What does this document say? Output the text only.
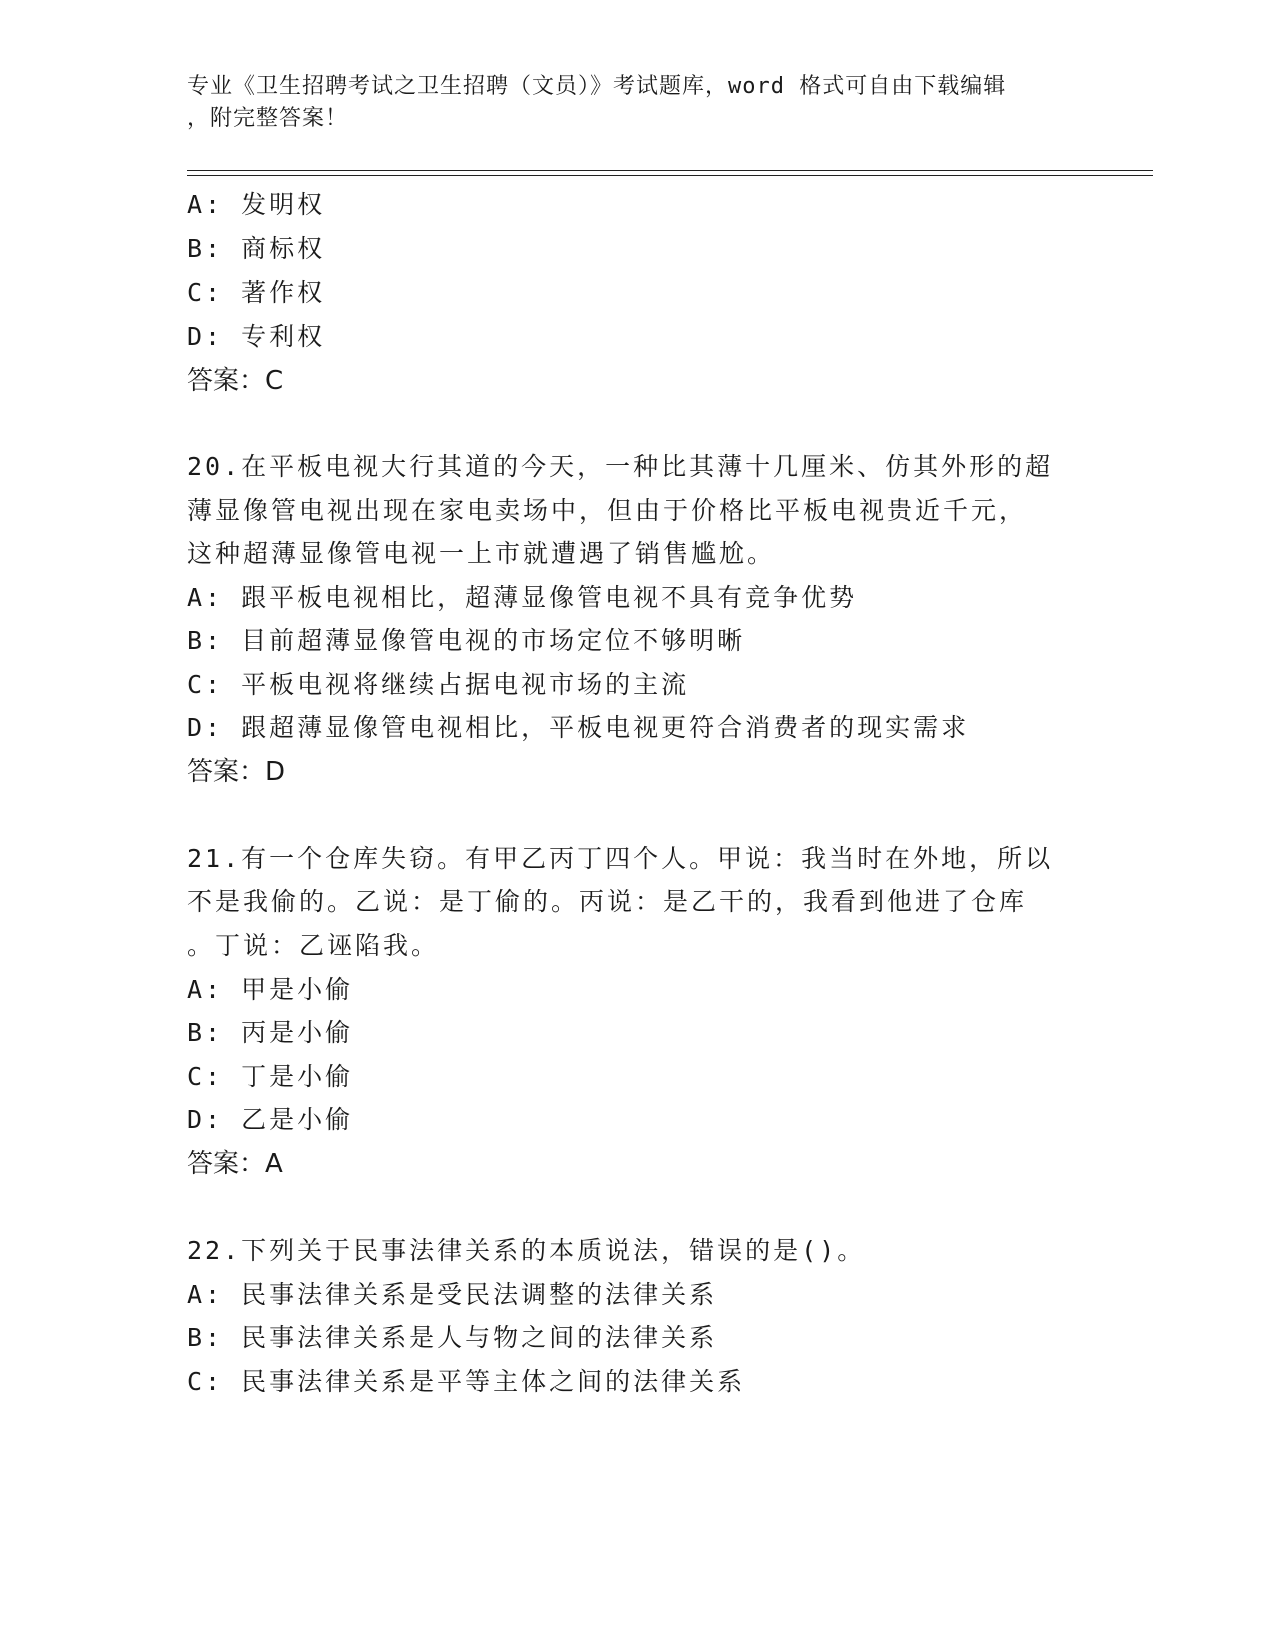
专业《卫生招聘考试之卫生招聘（文员）》考试题库，word 格式可自由下载编辑
，附完整答案！
A: 发明权
B: 商标权
C: 著作权
D: 专利权
答案：C
20.在平板电视大行其道的今天，一种比其薄十几厘米、仿其外形的超
薄显像管电视出现在家电卖场中，但由于价格比平板电视贵近千元，
这种超薄显像管电视一上市就遭遇了销售尴尬。
A: 跟平板电视相比，超薄显像管电视不具有竞争优势
B: 目前超薄显像管电视的市场定位不够明晰
C: 平板电视将继续占据电视市场的主流
D: 跟超薄显像管电视相比，平板电视更符合消费者的现实需求
答案：D
21.有一个仓库失窃。有甲乙丙丁四个人。甲说：我当时在外地，所以
不是我偷的。乙说：是丁偷的。丙说：是乙干的，我看到他进了仓库
。丁说：乙诬陷我。
A: 甲是小偷
B: 丙是小偷
C: 丁是小偷
D: 乙是小偷
答案：A
22.下列关于民事法律关系的本质说法，错误的是()。
A: 民事法律关系是受民法调整的法律关系
B: 民事法律关系是人与物之间的法律关系
C: 民事法律关系是平等主体之间的法律关系
